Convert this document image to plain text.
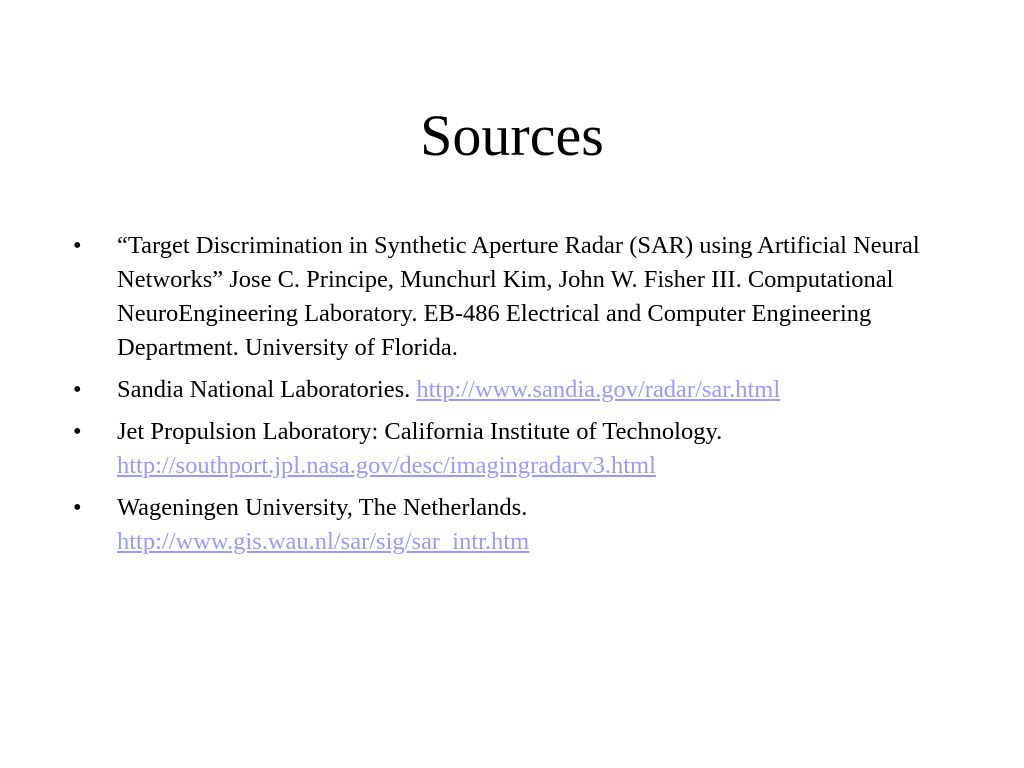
Sources
•	“Target Discrimination in Synthetic Aperture Radar (SAR) using Artificial Neural Networks” Jose C. Principe, Munchurl Kim, John W. Fisher III. Computational NeuroEngineering Laboratory. EB-486 Electrical and Computer Engineering Department. University of Florida.
•	Sandia National Laboratories. http://www.sandia.gov/radar/sar.html
•	Jet Propulsion Laboratory: California Institute of Technology.
http://southport.jpl.nasa.gov/desc/imagingradarv3.html
•	Wageningen University, The Netherlands.
http://www.gis.wau.nl/sar/sig/sar_intr.htm
